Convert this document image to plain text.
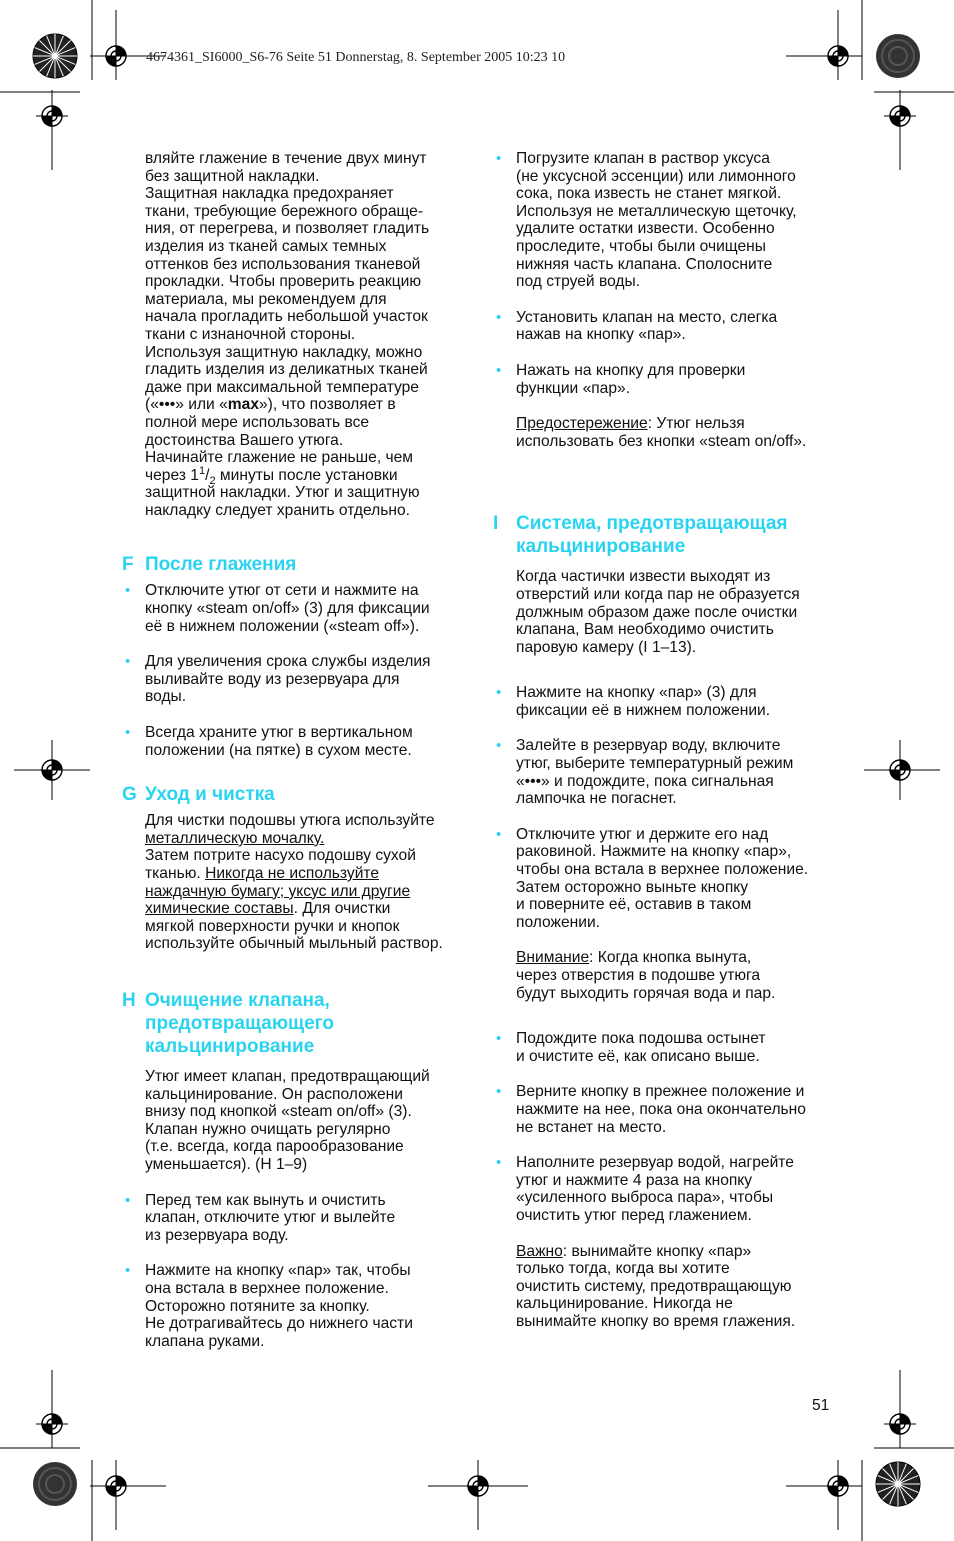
4674361_SI6000_S6-76 Seite 51 Donnerstag, 8. September 2005 10:23 10
вляйте глажение в течение двух минут
без защитной накладки.
Защитная накладка предохраняет
ткани, требующие бережного обраще-
ния, от перегрева, и позволяет гладить
изделия из тканей самых темных
оттенков без использования тканевой
прокладки. Чтобы проверить реакцию
материала, мы рекомендуем для
начала прогладить небольшой участок
ткани с изнаночной стороны.
Используя защитную накладку, можно
гладить изделия из деликатных тканей
даже при максимальной температуре
(«•••» или «max»), что позволяет в
полной мере использовать все
достоинства Вашего утюга.
Начинайте глажение не раньше, чем
через $1^1/_2$ минуты после установки
защитной накладки. Утюг и защитную
накладку следует хранить отдельно.
F После глажения
• Отключите утюг от сети и нажмите на
кнопку «steam on/off» (3) для фиксации
её в нижнем положении («steam off»).
• Для увеличения срока службы изделия
выливайте воду из резервуара для
воды.
• Всегда храните утюг в вертикальном
положении (на пятке) в сухом месте.
G Уход и чистка
Для чистки подошвы утюга используйте
металлическую мочалку.
Затем потрите насухо подошву сухой
тканью. Никогда не используйте
наждачную бумагу; уксус или другие
химические составы. Для очистки
мягкой поверхности ручки и кнопок
используйте обычный мыльный раствор.
H Очищение клапана,
предотвращающего
кальцинирование
Утюг имеет клапан, предотвращающий
кальцинирование. Он расположени
внизу под кнопкой «steam on/off» (3).
Клапан нужно очищать регулярно
(т.е. всегда, когда парообразование
уменьшается). (H 1–9)
• Перед тем как вынуть и очистить
клапан, отключите утюг и вылейте
из резервуара воду.
• Нажмите на кнопку «пар» так, чтобы
она встала в верхнее положение.
Осторожно потяните за кнопку.
Не дотрагивайтесь до нижнего части
клапана руками.
• Погрузите клапан в раствор уксуса
(не уксусной эссенции) или лимонного
сока, пока известь не станет мягкой.
Используя не металлическую щеточку,
удалите остатки извести. Особенно
проследите, чтобы были очищены
нижняя часть клапана. Сполосните
под струей воды.
• Установить клапан на место, слегка
нажав на кнопку «пар».
• Нажать на кнопку для проверки
функции «пар».
Предостережение: Утюг нельзя
использовать без кнопки «steam on/off».
I Система, предотвращающая
кальцинирование
Когда частички извести выходят из
отверстий или когда пар не образуется
должным образом даже после очистки
клапана, Вам необходимо очистить
паровую камеру (I 1–13).
• Нажмите на кнопку «пар» (3) для
фиксации её в нижнем положении.
• Залейте в резервуар воду, включите
утюг, выберите температурный режим
«•••» и подождите, пока сигнальная
лампочка не погаснет.
• Отключите утюг и держите его над
раковиной. Нажмите на кнопку «пар»,
чтобы она встала в верхнее положение.
Затем осторожно выньте кнопку
и поверните её, оставив в таком
положении.
Внимание: Когда кнопка вынута,
через отверстия в подошве утюга
будут выходить горячая вода и пар.
• Подождите пока подошва остынет
и очистите её, как описано выше.
• Верните кнопку в прежнее положение и
нажмите на нее, пока она окончательно
не встанет на место.
• Наполните резервуар водой, нагрейте
утюг и нажмите 4 раза на кнопку
«усиленного выброса пара», чтобы
очистить утюг перед глажением.
Важно: вынимайте кнопку «пар»
только тогда, когда вы хотите
очистить систему, предотвращающую
кальцинирование. Никогда не
вынимайте кнопку во время глажения.
51
